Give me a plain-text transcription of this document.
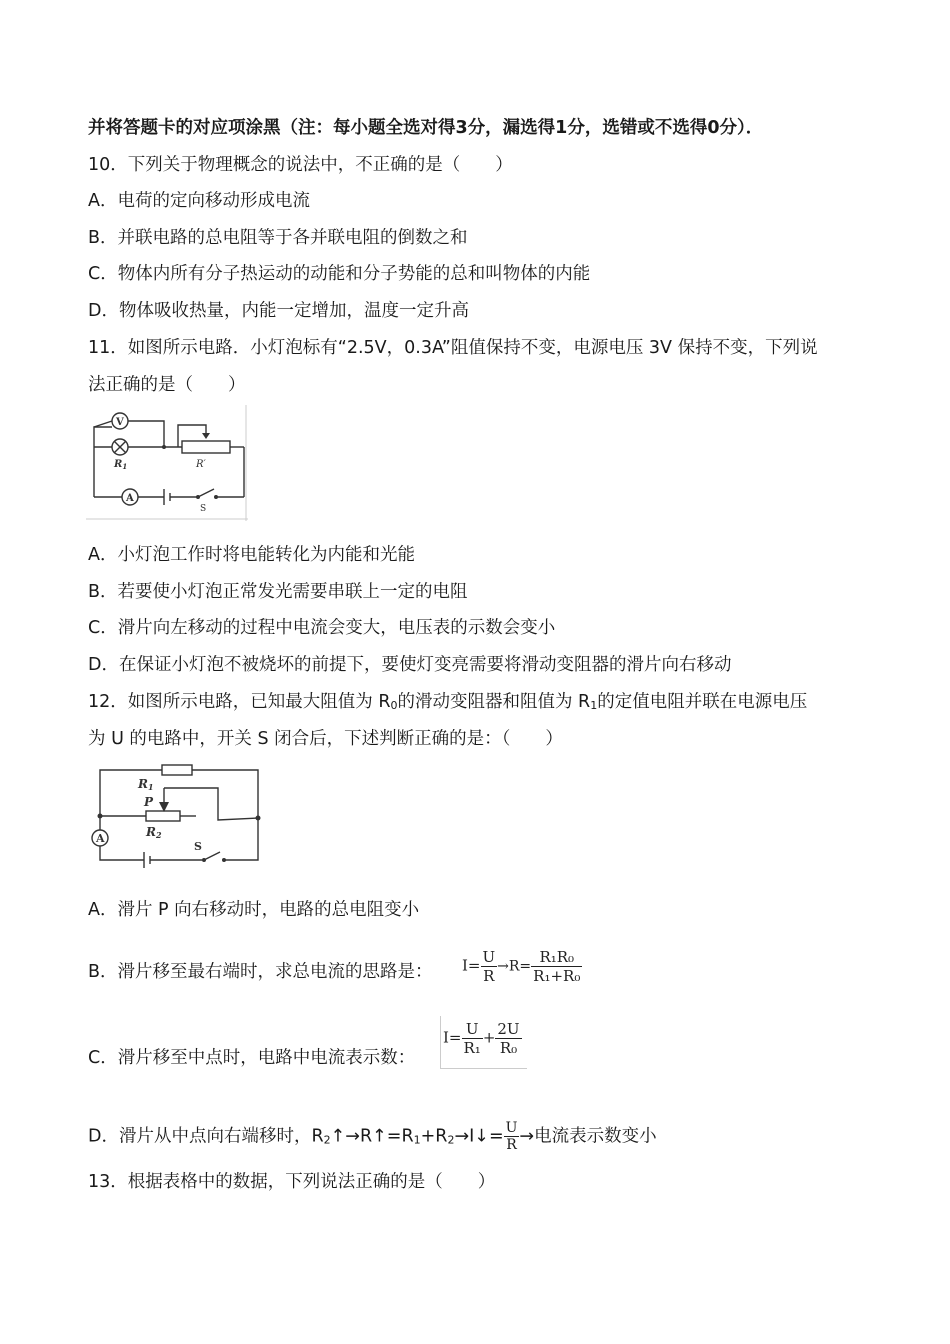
并将答题卡的对应项涂黑（注：每小题全选对得3分，漏选得1分，选错或不选得0分）．
10．下列关于物理概念的说法中，不正确的是（　　）
A．电荷的定向移动形成电流
B．并联电路的总电阻等于各并联电阻的倒数之和
C．物体内所有分子热运动的动能和分子势能的总和叫物体的内能
D．物体吸收热量，内能一定增加，温度一定升高
11．如图所示电路．小灯泡标有“2.5V，0.3A”阻值保持不变，电源电压 3V 保持不变，下列说
法正确的是（　　）
V
$R_1$	R′
A
S
A．小灯泡工作时将电能转化为内能和光能
B．若要使小灯泡正常发光需要串联上一定的电阻
C．滑片向左移动的过程中电流会变大，电压表的示数会变小
D．在保证小灯泡不被烧坏的前提下，要使灯变亮需要将滑动变阻器的滑片向右移动
12．如图所示电路，已知最大阻值为 R0的滑动变阻器和阻值为 R1的定值电阻并联在电源电压
为 U 的电路中，开关 S 闭合后，下述判断正确的是：（　　）
R1
P
R2
A
S
A．滑片 P 向右移动时，电路的总电阻变小
B．滑片移至最右端时，求总电流的思路是： $I= \frac{U}{R} \to R= \frac{\text{R₁R₀}}{\text{R₁+R₀}}$
C．滑片移至中点时，电路中电流表示数：
$I= \frac{U}{\text{R₁}} + \frac{2U}{\text{R₀}}$
D．滑片从中点向右端移时，R2↑→R↑=R1+R2→I↓= $\frac{U}{R}$ →电流表示数变小
13．根据表格中的数据，下列说法正确的是（　　）
